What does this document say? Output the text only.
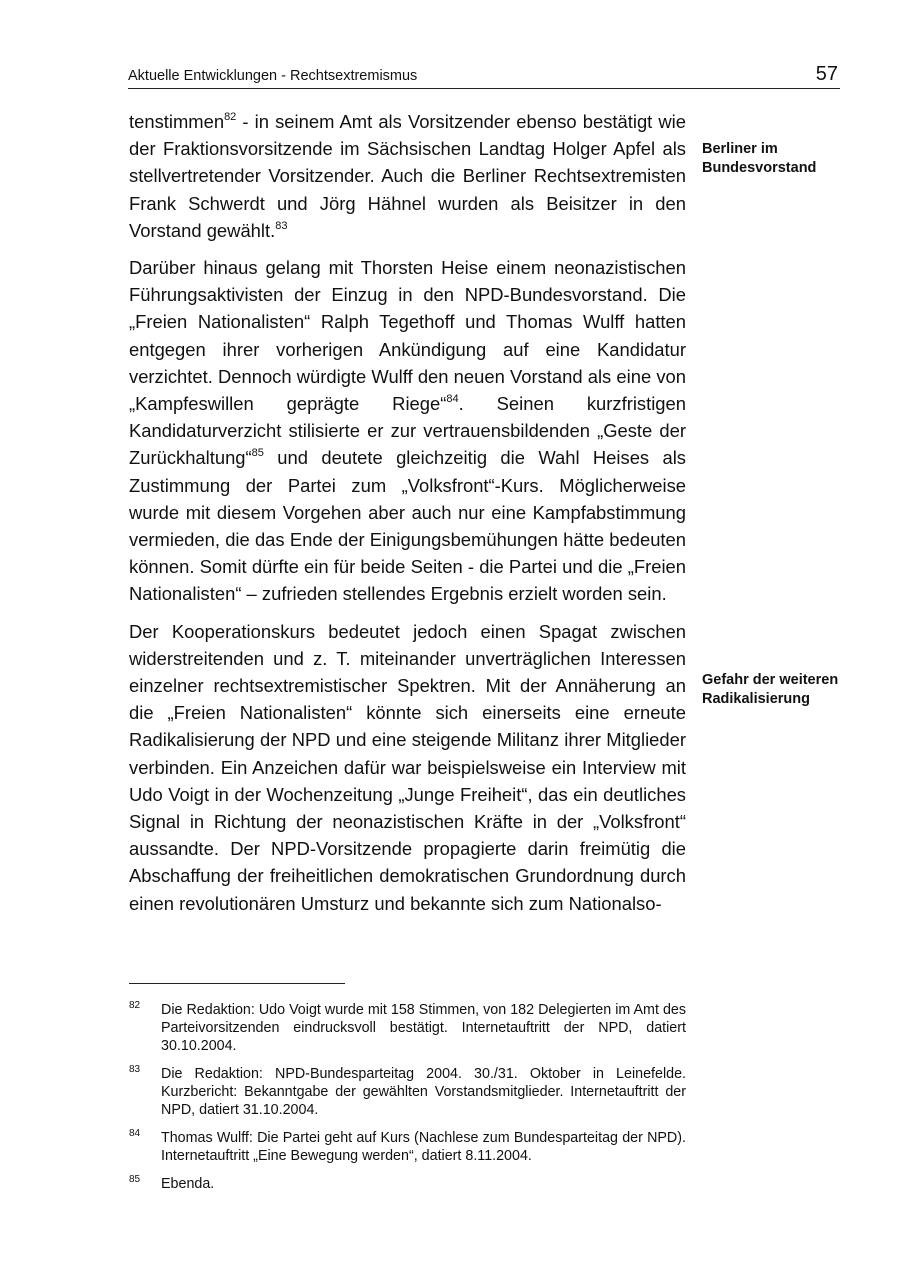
Aktuelle Entwicklungen - Rechtsextremismus	57

tenstimmen$^{82}$ - in seinem Amt als Vorsitzender ebenso bestätigt wie der Fraktionsvorsitzende im Sächsischen Landtag Holger Apfel als stellvertretender Vorsitzender. Auch die Berliner Rechtsextremisten Frank Schwerdt und Jörg Hähnel wurden als Beisitzer in den Vorstand gewählt.$^{83}$

Darüber hinaus gelang mit Thorsten Heise einem neonazistischen Führungsaktivisten der Einzug in den NPD-Bundesvorstand. Die „Freien Nationalisten“ Ralph Tegethoff und Thomas Wulff hatten entgegen ihrer vorherigen Ankündigung auf eine Kandidatur verzichtet. Dennoch würdigte Wulff den neuen Vorstand als eine von „Kampfeswillen geprägte Riege“$^{84}$. Seinen kurzfristigen Kandidaturverzicht stilisierte er zur vertrauensbildenden „Geste der Zurückhaltung“$^{85}$ und deutete gleichzeitig die Wahl Heises als Zustimmung der Partei zum „Volksfront“-Kurs. Möglicherweise wurde mit diesem Vorgehen aber auch nur eine Kampfabstimmung vermieden, die das Ende der Einigungsbemühungen hätte bedeuten können. Somit dürfte ein für beide Seiten - die Partei und die „Freien Nationalisten“ – zufrieden stellendes Ergebnis erzielt worden sein.

Der Kooperationskurs bedeutet jedoch einen Spagat zwischen widerstreitenden und z. T. miteinander unverträglichen Interessen einzelner rechtsextremistischer Spektren. Mit der Annäherung an die „Freien Nationalisten“ könnte sich einerseits eine erneute Radikalisierung der NPD und eine steigende Militanz ihrer Mitglieder verbinden. Ein Anzeichen dafür war beispielsweise ein Interview mit Udo Voigt in der Wochenzeitung „Junge Freiheit“, das ein deutliches Signal in Richtung der neonazistischen Kräfte in der „Volksfront“ aussandte. Der NPD-Vorsitzende propagierte darin freimütig die Abschaffung der freiheitlichen demokratischen Grundordnung durch einen revolutionären Umsturz und bekannte sich zum Nationalso-

Berliner im Bundesvorstand
Gefahr der weiteren Radikalisierung
82 Die Redaktion: Udo Voigt wurde mit 158 Stimmen, von 182 Delegierten im Amt des Parteivorsitzenden eindrucksvoll bestätigt. Internetauftritt der NPD, datiert 30.10.2004.
83 Die Redaktion: NPD-Bundesparteitag 2004. 30./31. Oktober in Leinefelde. Kurzbericht: Bekanntgabe der gewählten Vorstandsmitglieder. Internetauftritt der NPD, datiert 31.10.2004.
84 Thomas Wulff: Die Partei geht auf Kurs (Nachlese zum Bundesparteitag der NPD). Internetauftritt „Eine Bewegung werden“, datiert 8.11.2004.
85 Ebenda.
